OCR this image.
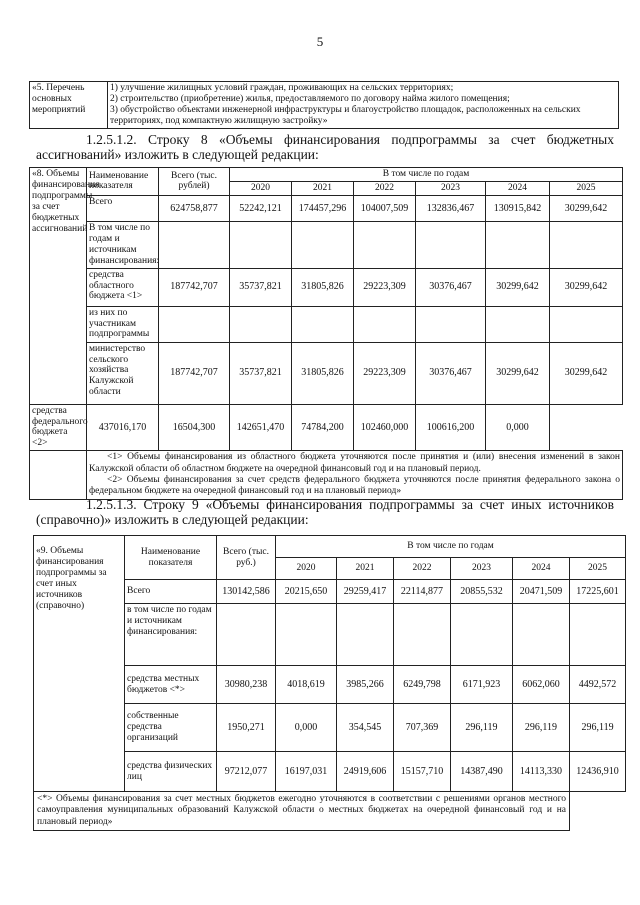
5
«5. Перечень основных мероприятий	
1) улучшение жилищных условий граждан, проживающих на сельских территориях;
2) строительство (приобретение) жилья, предоставляемого по договору найма жилого помещения;
3) обустройство объектами инженерной инфраструктуры и благоустройство площадок, расположенных на сельских территориях, под компактную жилищную застройку»
1.2.5.1.2. Строку 8 «Объемы финансирования подпрограммы за счет бюджетных ассигнований» изложить в следующей редакции:
«8. Объемы финансирования подпрограммы за счет бюджетных ассигнований	Наименование показателя	Всего (тыс. рублей)	В том числе по годам					
			2020	2021	2022	2023	2024	2025
	Всего	624758,877	52242,121	174457,296	104007,509	132836,467	130915,842	30299,642
	В том числе по годам и источникам финансирования:							
	средства областного бюджета <1>	187742,707	35737,821	31805,826	29223,309	30376,467	30299,642	30299,642
	из них по участникам подпрограммы							
	министерство сельского хозяйства Калужской области	187742,707	35737,821	31805,826	29223,309	30376,467	30299,642	30299,642
средства федерального бюджета <2>	437016,170	16504,300	142651,470	74784,200	102460,000	100616,200	0,000	

	<1> Объемы финансирования из областного бюджета уточняются после принятия и (или) внесения изменений в закон Калужской области об областном бюджете на очередной финансовый год и на плановый период.

<2> Объемы финансирования за счет средств федерального бюджета уточняются после принятия федерального закона о федеральном бюджете на очередной финансовый год и на плановый период»							

1.2.5.1.3. Строку 9 «Объемы финансирования подпрограммы за счет иных источников (справочно)» изложить в следующей редакции:
«9. Объемы финансирования подпрограммы за счет иных источников (справочно)	Наименование показателя	Всего (тыс. руб.)	В том числе по годам					
			2020	2021	2022	2023	2024	2025
	Всего	130142,586	20215,650	29259,417	22114,877	20855,532	20471,509	17225,601
	в том числе по годам и источникам финансирования:							
	средства местных бюджетов <*>	30980,238	4018,619	3985,266	6249,798	6171,923	6062,060	4492,572
	собственные средства организаций	1950,271	0,000	354,545	707,369	296,119	296,119	296,119
	средства физических лиц	97212,077	16197,031	24919,606	15157,710	14387,490	14113,330	12436,910

<*> Объемы финансирования за счет местных бюджетов ежегодно уточняются в соответствии с решениями органов местного самоуправления муниципальных образований Калужской области о местных бюджетах на очередной финансовый год и на плановый период»								
